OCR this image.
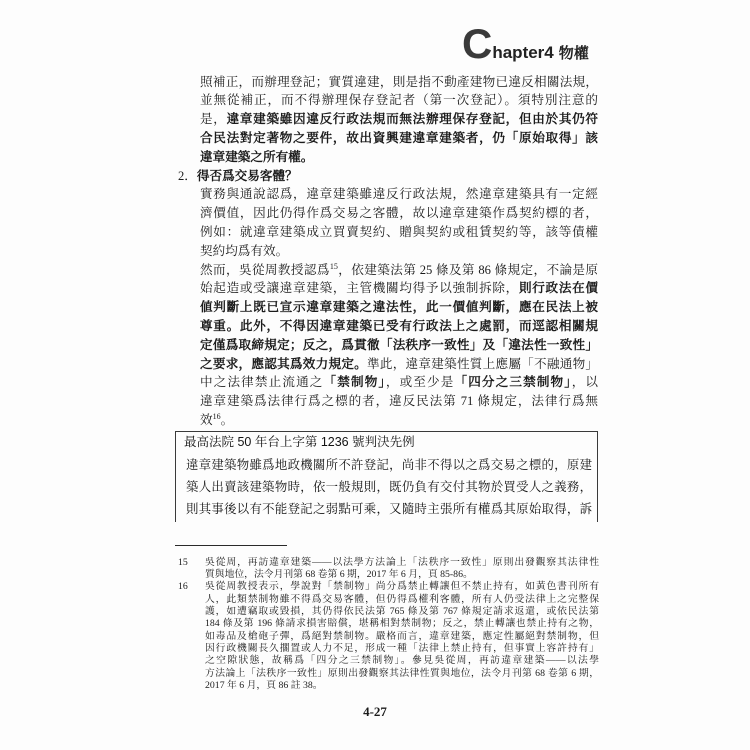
C hapter4 物權
照補正，而辦理登記；實質違建，則是指不動產建物已違反相關法規，
並無從補正，而不得辦理保存登記者（第一次登記）。須特別注意的
是，違章建築雖因違反行政法規而無法辦理保存登記，但由於其仍符
合民法對定著物之要件，故出資興建違章建築者，仍「原始取得」該
違章建築之所有權。
2．得否爲交易客體？
實務與通說認爲，違章建築雖違反行政法規，然違章建築具有一定經
濟價值，因此仍得作爲交易之客體，故以違章建築作爲契約標的者，
例如：就違章建築成立買賣契約、贈與契約或租賃契約等，該等債權
契約均爲有效。
然而，吳從周教授認爲$^{15}$，依建築法第 25 條及第 86 條規定，不論是原
始起造或受讓違章建築，主管機關均得予以強制拆除，則行政法在價
値判斷上既已宣示違章建築之違法性，此一價値判斷，應在民法上被
尊重。此外，不得因違章建築已受有行政法上之處罰，而逕認相關規
定僅爲取締規定；反之，爲貫徹「法秩序一致性」及「違法性一致性」
之要求，應認其爲效力規定。準此，違章建築性質上應屬「不融通物」
中之法律禁止流通之「禁制物」，或至少是「四分之三禁制物」，以
違章建築爲法律行爲之標的者，違反民法第 71 條規定，法律行爲無
效$^{16}$。
最高法院 50 年台上字第 1236 號判決先例
違章建築物雖爲地政機關所不許登記，尚非不得以之爲交易之標的，原建
築人出賣該建築物時，依一般規則，既仍負有交付其物於買受人之義務，
則其事後以有不能登記之弱點可乘，又隨時主張所有權爲其原始取得，訴
15 吳從周，再訪違章建築——以法學方法論上「法秩序一致性」原則出發觀察其法律性
質與地位，法令月刊第 68 卷第 6 期，2017 年 6 月，頁 85-86。
16 吳從周教授表示，學說對「禁制物」尚分爲禁止轉讓但不禁止持有，如黃色書刊所有
人，此類禁制物雖不得爲交易客體，但仍得爲權利客體，所有人仍受法律上之完整保
護，如遭竊取或毀損，其仍得依民法第 765 條及第 767 條規定請求返還，或依民法第
184 條及第 196 條請求損害賠償，堪稱相對禁制物；反之，禁止轉讓也禁止持有之物，
如毒品及槍砲子彈，爲絕對禁制物。嚴格而言，違章建築，應定性屬絕對禁制物，但
因行政機關長久擱置或人力不足，形成一種「法律上禁止持有，但事實上容許持有」
之空隙狀態，故稱爲「四分之三禁制物」。參見吳從周，再訪違章建築——以法學
方法論上「法秩序一致性」原則出發觀察其法律性質與地位，法令月刊第 68 卷第 6 期，
2017 年 6 月，頁 86 註 38。
4-27
